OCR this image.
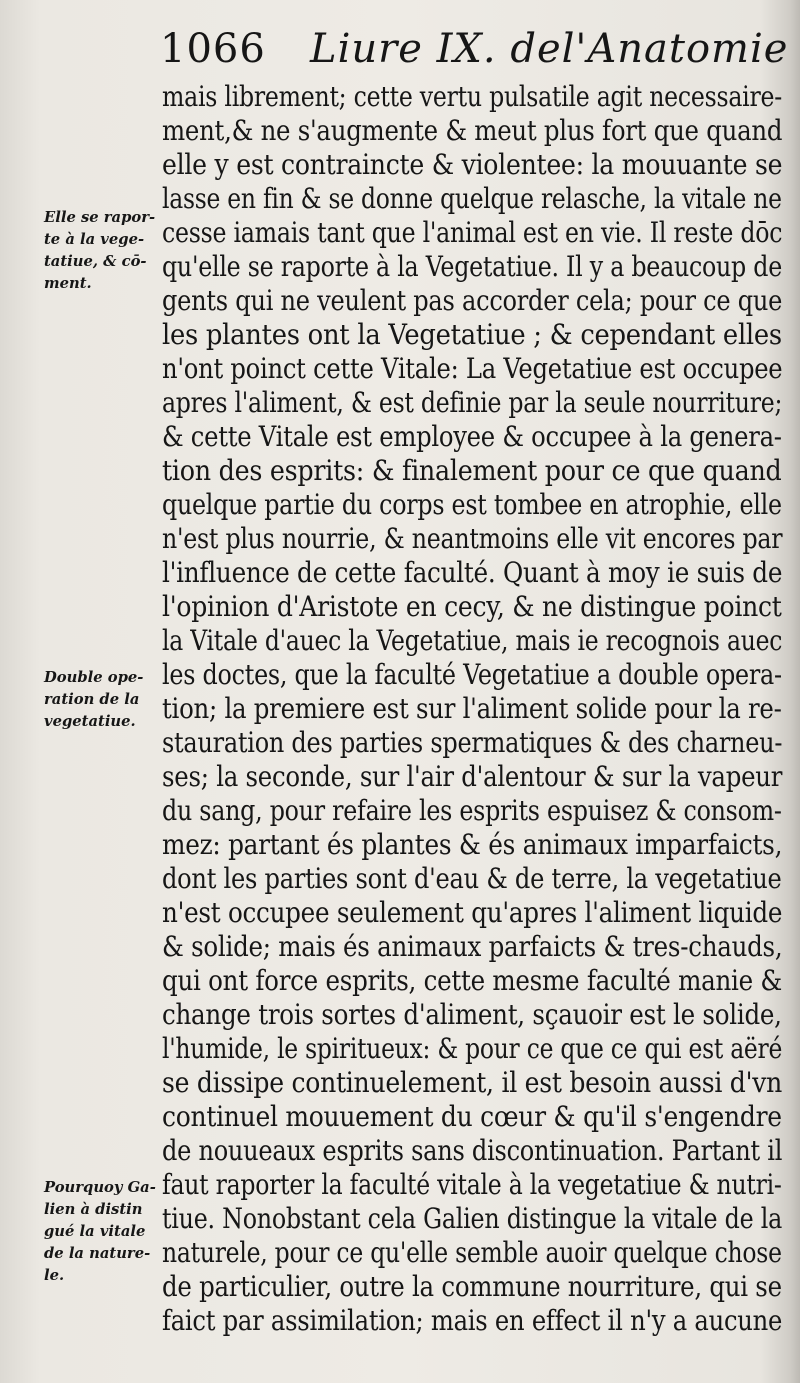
1066 Liure IX. del'Anatomie
mais librement; cette vertu pulsatile agit necessaire-
ment,& ne s'augmente & meut plus fort que quand
elle y est contraincte & violentee: la mouuante se
lasse en fin & se donne quelque relasche, la vitale ne
cesse iamais tant que l'animal est en vie. Il reste dōc
qu'elle se raporte à la Vegetatiue. Il y a beaucoup de
gents qui ne veulent pas accorder cela; pour ce que
les plantes ont la Vegetatiue ; & cependant elles
n'ont poinct cette Vitale: La Vegetatiue est occupee
apres l'aliment, & est definie par la seule nourriture;
& cette Vitale est employee & occupee à la genera-
tion des esprits: & finalement pour ce que quand
quelque partie du corps est tombee en atrophie, elle
n'est plus nourrie, & neantmoins elle vit encores par
l'influence de cette faculté. Quant à moy ie suis de
l'opinion d'Aristote en cecy, & ne distingue poinct
la Vitale d'auec la Vegetatiue, mais ie recognois auec
les doctes, que la faculté Vegetatiue a double opera-
tion; la premiere est sur l'aliment solide pour la re-
stauration des parties spermatiques & des charneu-
ses; la seconde, sur l'air d'alentour & sur la vapeur
du sang, pour refaire les esprits espuisez & consom-
mez: partant és plantes & és animaux imparfaicts,
dont les parties sont d'eau & de terre, la vegetatiue
n'est occupee seulement qu'apres l'aliment liquide
& solide; mais és animaux parfaicts & tres-chauds,
qui ont force esprits, cette mesme faculté manie &
change trois sortes d'aliment, sçauoir est le solide,
l'humide, le spiritueux: & pour ce que ce qui est aëré
se dissipe continuelement, il est besoin aussi d'vn
continuel mouuement du cœur & qu'il s'engendre
de nouueaux esprits sans discontinuation. Partant il
faut raporter la faculté vitale à la vegetatiue & nutri-
tiue. Nonobstant cela Galien distingue la vitale de la
naturele, pour ce qu'elle semble auoir quelque chose
de particulier, outre la commune nourriture, qui se
faict par assimilation; mais en effect il n'y a aucune
Elle se rapor-
te à la vege-
tatiue, & cō-
ment.
Double ope-
ration de la
vegetatiue.
Pourquoy Ga-
lien à distin
gué la vitale
de la nature-
le.
